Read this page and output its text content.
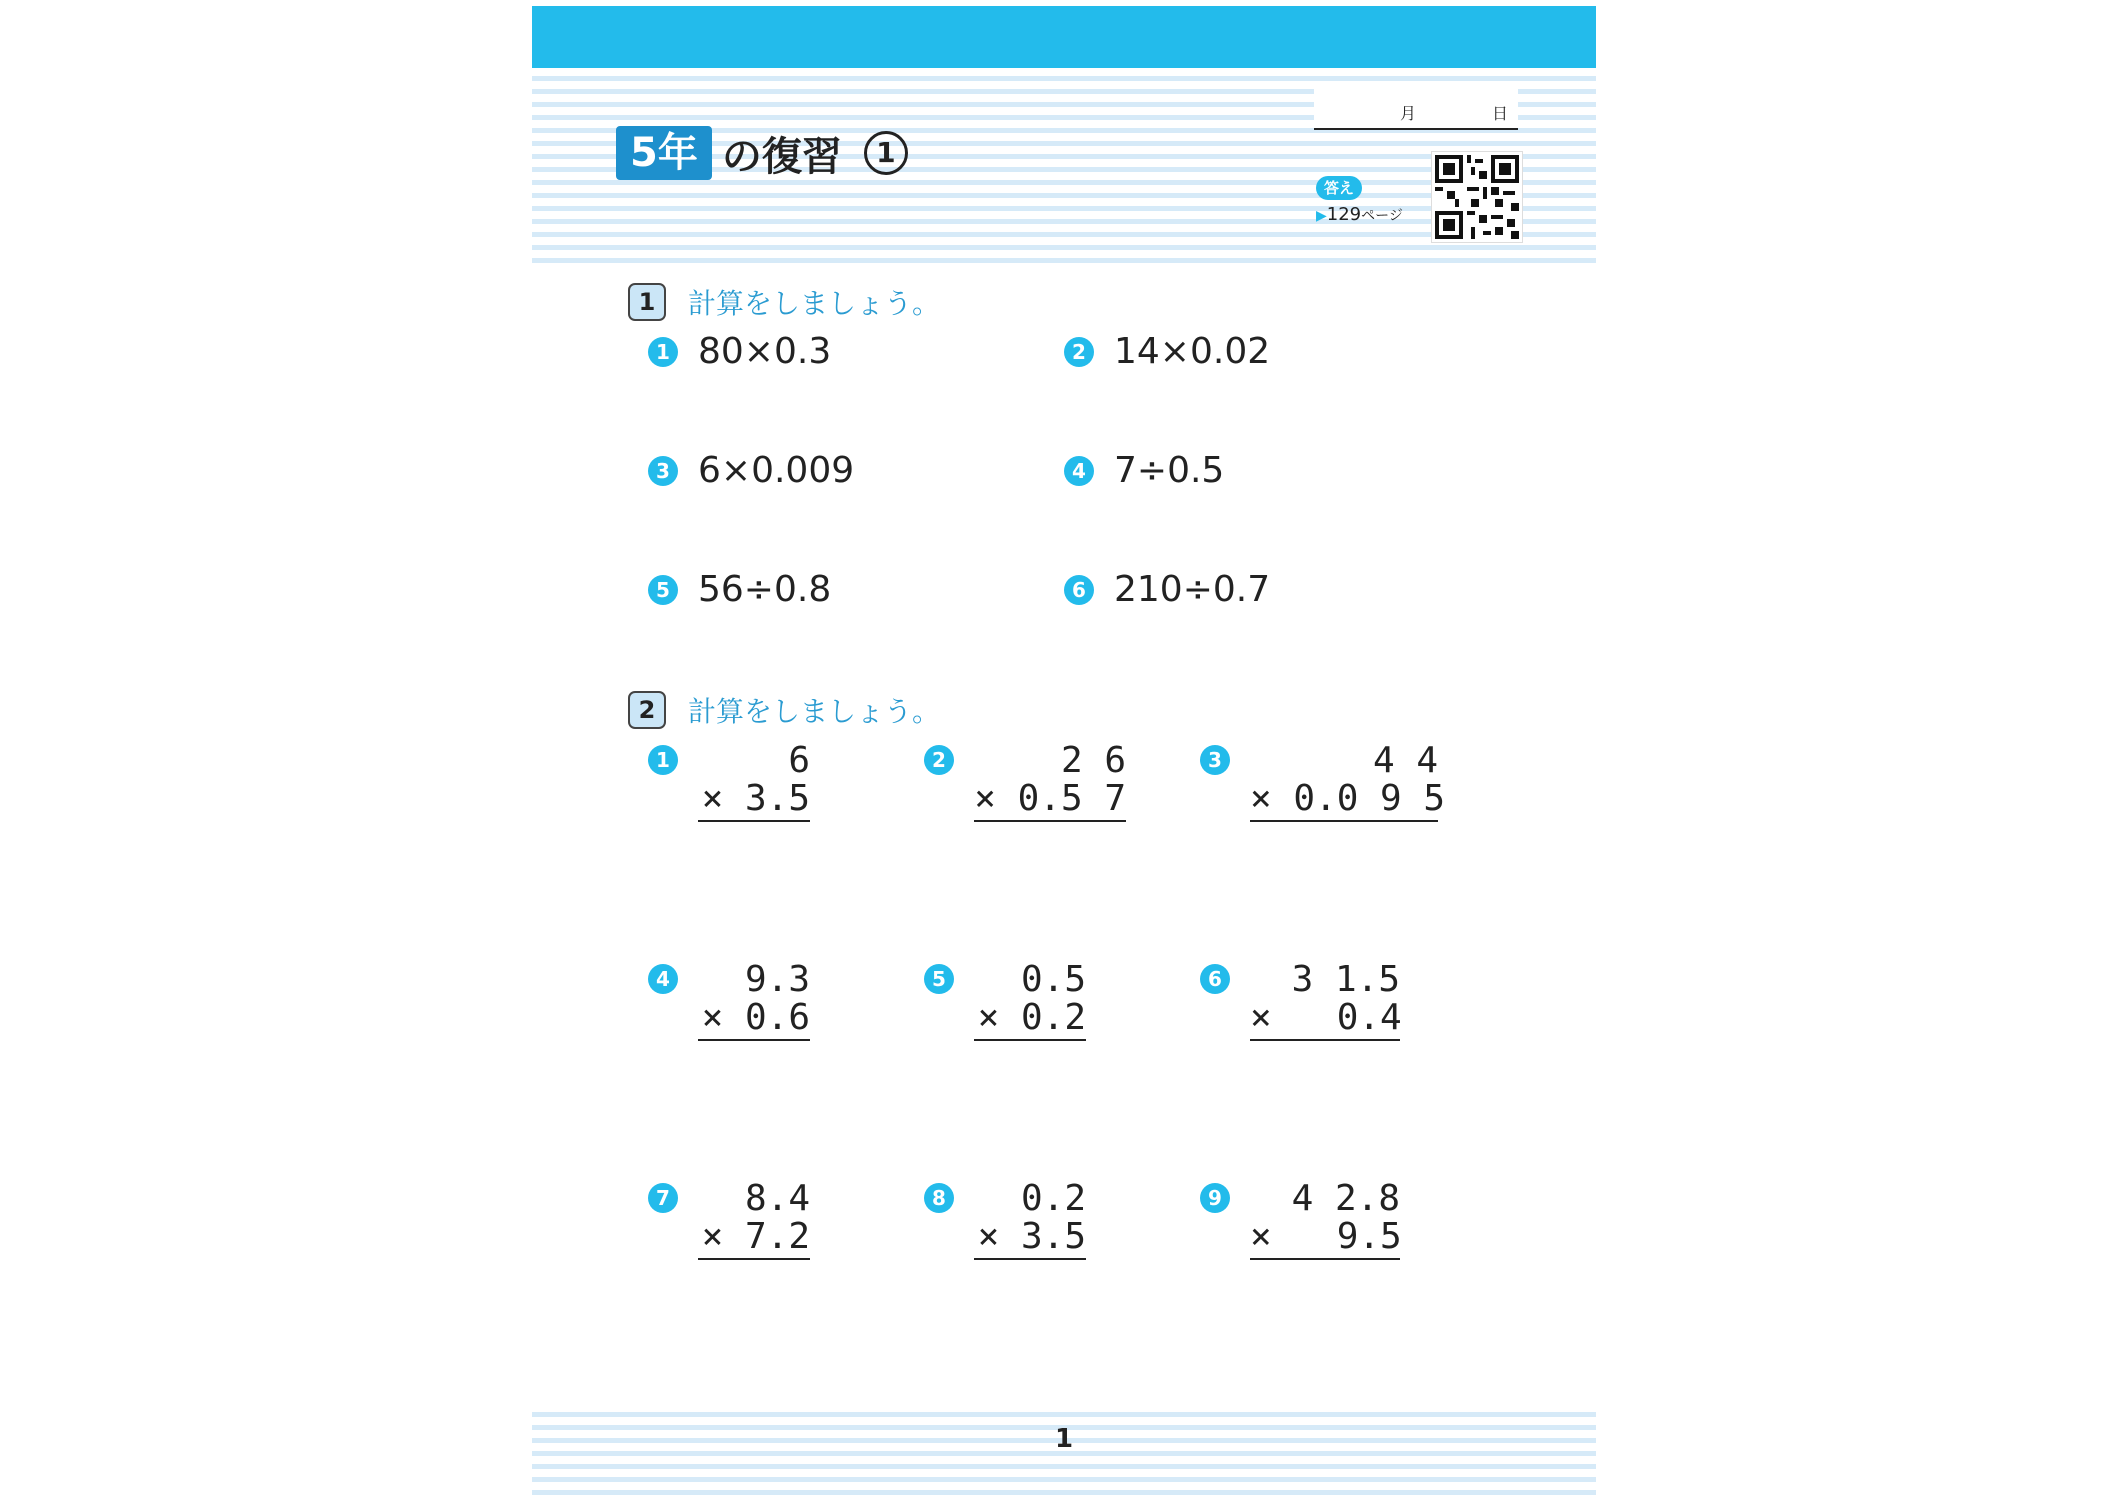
5年 の復習	1
月	日
答え
▶129ページ
1	計算をしましょう。
1 80×0.3	2 14×0.02
3 6×0.009	4 7÷0.5
5 56÷0.8	6 210÷0.7
2	計算をしましょう。
1	6
× 3.5
2	2 6
× 0.5 7
3	4 4
× 0.0 9 5
4	9.3
× 0.6
5	0.5
× 0.2
6	3 1.5
×   0.4
7	8.4
× 7.2
8	0.2
× 3.5
9	4 2.8
×   9.5
1
